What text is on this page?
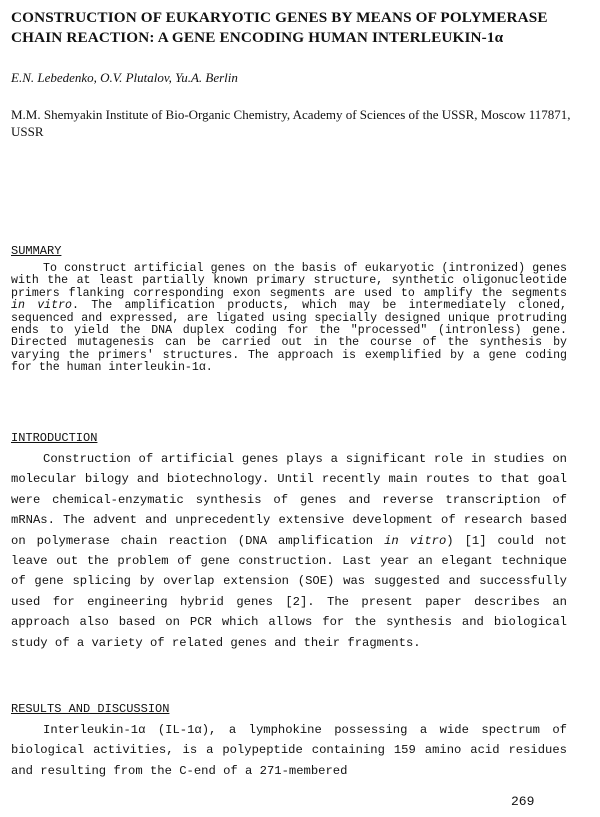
CONSTRUCTION OF EUKARYOTIC GENES BY MEANS OF POLYMERASE CHAIN REACTION: A GENE ENCODING HUMAN INTERLEUKIN-1α
E.N. Lebedenko, O.V. Plutalov, Yu.A. Berlin
M.M. Shemyakin Institute of Bio-Organic Chemistry, Academy of Sciences of the USSR, Moscow 117871, USSR
SUMMARY
To construct artificial genes on the basis of eukaryotic (intronized) genes with the at least partially known primary structure, synthetic oligonucleotide primers flanking corresponding exon segments are used to amplify the segments in vitro. The amplification products, which may be intermediately cloned, sequenced and expressed, are ligated using specially designed unique protruding ends to yield the DNA duplex coding for the "processed" (intronless) gene. Directed mutagenesis can be carried out in the course of the synthesis by varying the primers' structures. The approach is exemplified by a gene coding for the human interleukin-1α.
INTRODUCTION
Construction of artificial genes plays a significant role in studies on molecular bilogy and biotechnology. Until recently main routes to that goal were chemical-enzymatic synthesis of genes and reverse transcription of mRNAs. The advent and unprecedently extensive development of research based on polymerase chain reaction (DNA amplification in vitro) [1] could not leave out the problem of gene construction. Last year an elegant technique of gene splicing by overlap extension (SOE) was suggested and successfully used for engineering hybrid genes [2]. The present paper describes an approach also based on PCR which allows for the synthesis and biological study of a variety of related genes and their fragments.
RESULTS AND DISCUSSION
Interleukin-1α (IL-1α), a lymphokine possessing a wide spectrum of biological activities, is a polypeptide containing 159 amino acid residues and resulting from the C-end of a 271-membered
269
